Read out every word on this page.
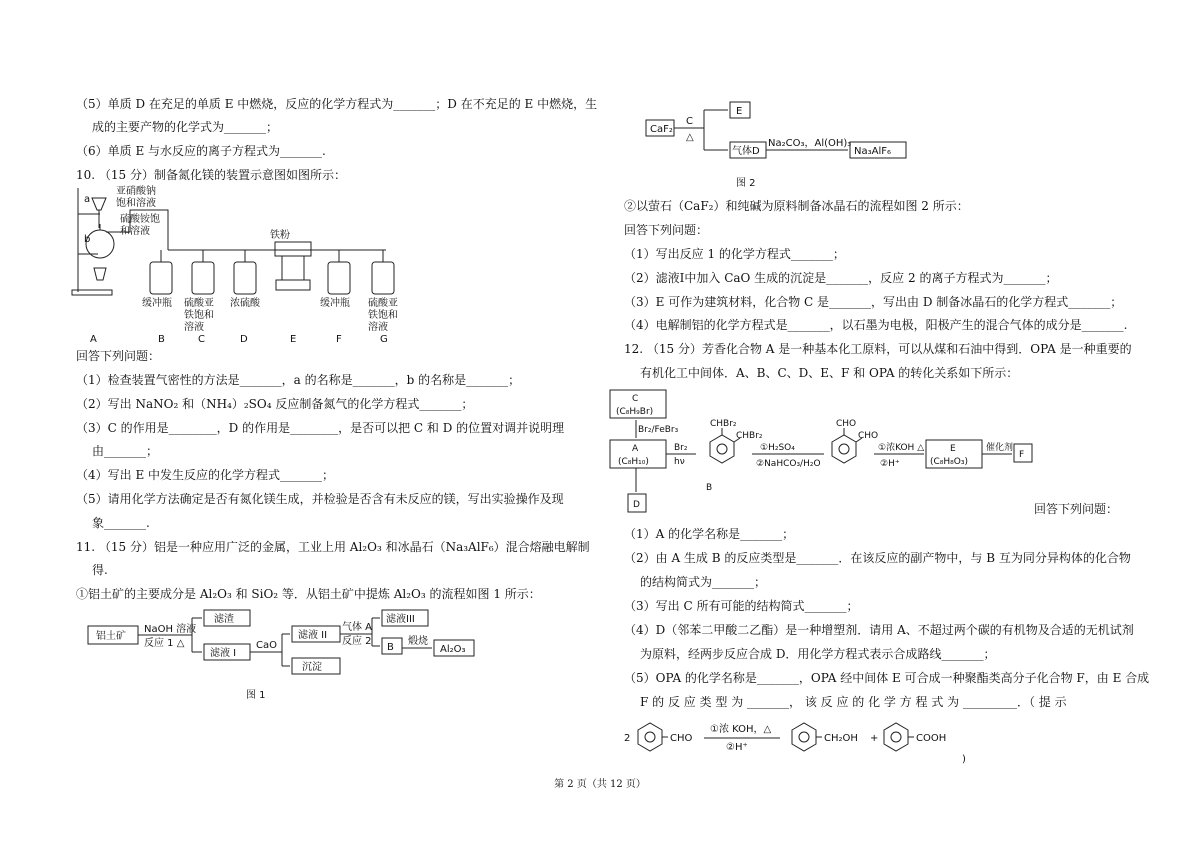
（5）单质 D 在充足的单质 E 中燃烧，反应的化学方程式为_______；D 在不充足的 E 中燃烧，生
成的主要产物的化学式为_______；
（6）单质 E 与水反应的离子方程式为_______.
10. （15 分）制备氮化镁的装置示意图如图所示：
亚硝酸钠
饱和溶液
硫酸铵饱
和溶液	铁粉
a
b
缓冲瓶 硫酸亚
铁饱和
溶液
浓硫酸	缓冲瓶 硫酸亚
铁饱和
溶液
A	B	C	D	E	F	G
回答下列问题：
（1）检查装置气密性的方法是_______，a 的名称是_______，b 的名称是_______；
（2）写出 NaNO₂ 和（NH₄）₂SO₄ 反应制备氮气的化学方程式_______；
（3）C 的作用是________，D 的作用是________，是否可以把 C 和 D 的位置对调并说明理
由_______；
（4）写出 E 中发生反应的化学方程式_______；
（5）请用化学方法确定是否有氮化镁生成，并检验是否含有未反应的镁，写出实验操作及现
象_______.
11. （15 分）铝是一种应用广泛的金属，工业上用 Al₂O₃ 和冰晶石（Na₃AlF₆）混合熔融电解制
得.
①铝土矿的主要成分是 Al₂O₃ 和 SiO₂ 等．从铝土矿中提炼 Al₂O₃ 的流程如图 1 所示：
铝土矿
NaOH 溶液
反应 1 △
滤渣
滤液 I
CaO
滤液 II
气体 A
反应 2
滤液III
B
煅烧
Al₂O₃
沉淀
图 1
CaF₂
C
△
E
气体D
Na₂CO₃，Al(OH)₃
Na₃AlF₆
图 2
②以萤石（CaF₂）和纯碱为原料制备冰晶石的流程如图 2 所示：
回答下列问题：
（1）写出反应 1 的化学方程式_______；
（2）滤液I中加入 CaO 生成的沉淀是_______，反应 2 的离子方程式为_______；
（3）E 可作为建筑材料，化合物 C 是_______，写出由 D 制备冰晶石的化学方程式_______；
（4）电解制铝的化学方程式是_______，以石墨为电极，阳极产生的混合气体的成分是_______.
12. （15 分）芳香化合物 A 是一种基本化工原料，可以从煤和石油中得到．OPA 是一种重要的
有机化工中间体．A、B、C、D、E、F 和 OPA 的转化关系如下所示：
C
(C₈H₉Br)
Br₂/FeBr₃
A
(C₈H₁₀)
Br₂
hν
CHBr₂
CHBr₂
①H₂SO₄
②NaHCO₃/H₂O
CHO
CHO
①浓KOH △
②H⁺
E
(C₈H₈O₃)
催化剂
F
D
B
回答下列问题：
（1）A 的化学名称是_______；
（2）由 A 生成 B 的反应类型是_______．在该反应的副产物中，与 B 互为同分异构体的化合物
的结构简式为_______；
（3）写出 C 所有可能的结构简式_______；
（4）D（邻苯二甲酸二乙酯）是一种增塑剂．请用 A、不超过两个碳的有机物及合适的无机试剂
为原料，经两步反应合成 D．用化学方程式表示合成路线_______；
（5）OPA 的化学名称是_______，OPA 经中间体 E 可合成一种聚酯类高分子化合物 F，由 E 合成
F 的 反 应 类 型 为 _______， 该 反 应 的 化 学 方 程 式 为 _________．（ 提 示
2	CHO
①浓 KOH，△
②H⁺
CH₂OH +	COOH
)
第 2 页（共 12 页）
